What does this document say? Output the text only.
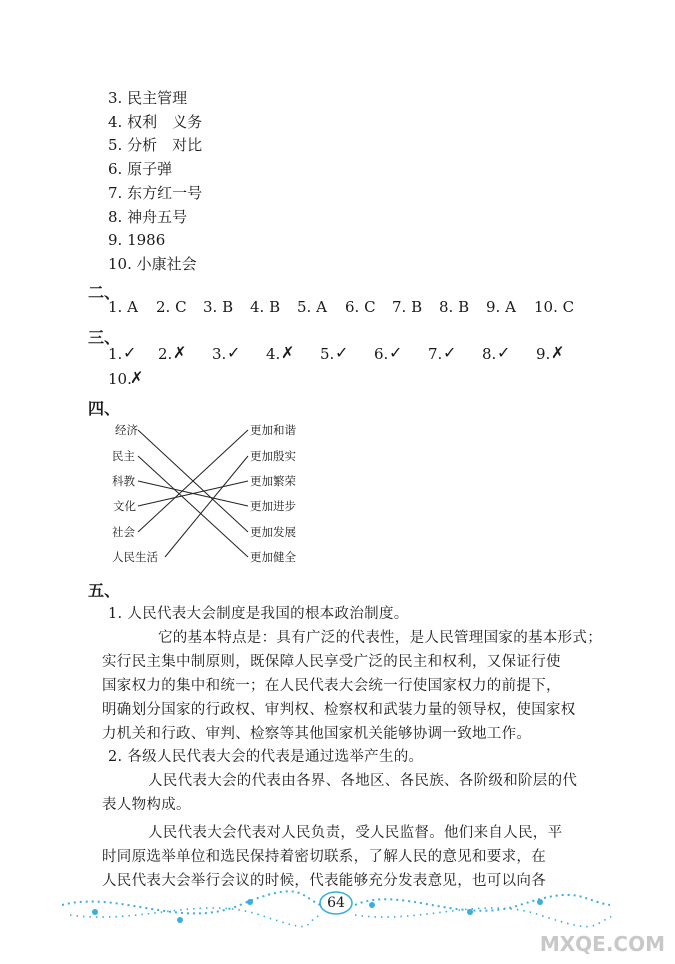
3. 民主管理
4. 权利　义务
5. 分析　对比
6. 原子弹
7. 东方红一号
8. 神舟五号
9. 1986
10. 小康社会
二、
三、
四、
五、
1. A 2. C 3. B 4. B 5. A 6. C 7. B 8. B 9. A 10. C
1. ✓ 2. ✗ 3. ✓ 4. ✗ 5. ✓ 6. ✓ 7. ✓ 8. ✓ 9. ✗
10.
✗
经济
民主
科教
文化
社会
人民生活
更加和谐
更加殷实
更加繁荣
更加进步
更加发展
更加健全
1. 人民代表大会制度是我国的根本政治制度。
它的基本特点是：具有广泛的代表性，是人民管理国家的基本形式；
实行民主集中制原则，既保障人民享受广泛的民主和权利，又保证行使
国家权力的集中和统一；在人民代表大会统一行使国家权力的前提下，
明确划分国家的行政权、审判权、检察权和武装力量的领导权，使国家权
力机关和行政、审判、检察等其他国家机关能够协调一致地工作。
2. 各级人民代表大会的代表是通过选举产生的。
人民代表大会的代表由各界、各地区、各民族、各阶级和阶层的代
表人物构成。
人民代表大会代表对人民负责，受人民监督。他们来自人民，平
时同原选举单位和选民保持着密切联系，了解人民的意见和要求，在
人民代表大会举行会议的时候，代表能够充分发表意见，也可以向各
64
MXQE.COM
